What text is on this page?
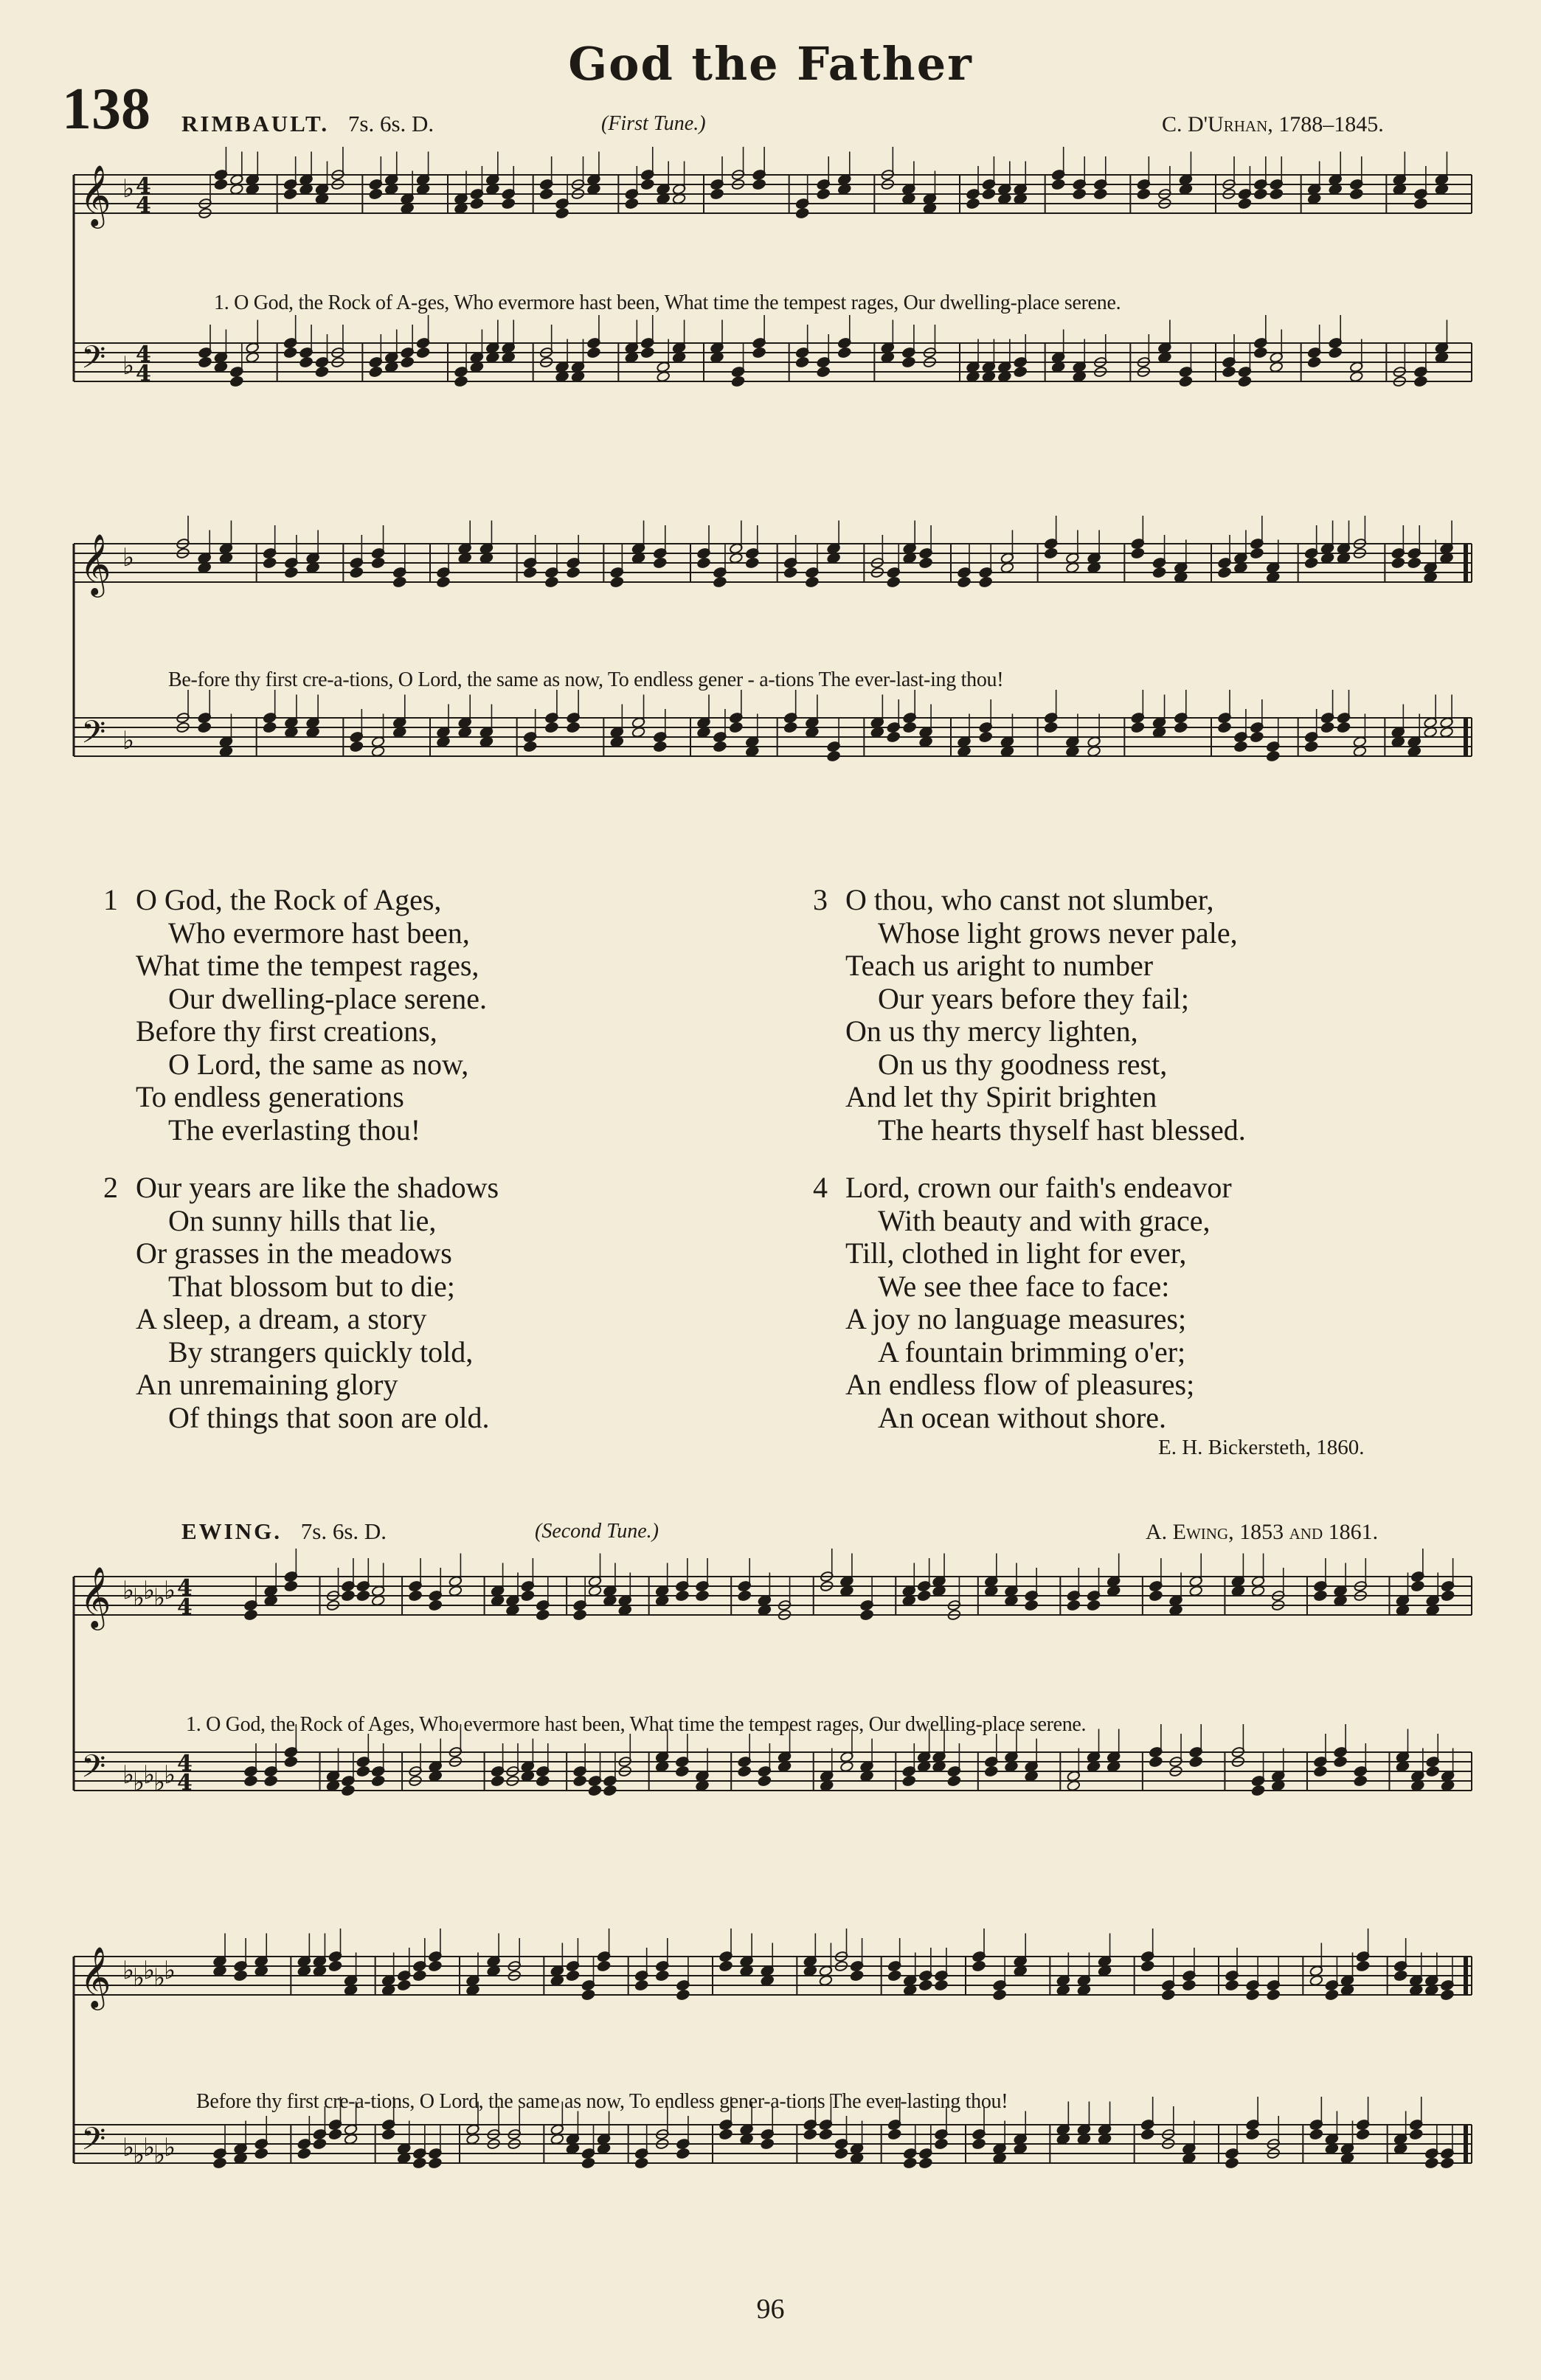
God the Father
138 RIMBAULT. 7s. 6s. D.	(First Tune.)	C. D'Urhan, 1788–1845.
𝄞
𝄢
♭
♭
4
4
4
4
1. O God, the Rock of A-ges, Who evermore hast been, What time the tempest rages, Our dwelling-place serene.
𝄞
𝄢
♭
♭
Be-fore thy first cre-a-tions, O Lord, the same as now, To endless gener - a-tions The ever-last-ing thou!
1 O God, the Rock of Ages,
Who evermore hast been,
What time the tempest rages,
Our dwelling-place serene.
Before thy first creations,
O Lord, the same as now,
To endless generations
The everlasting thou!
2 Our years are like the shadows
On sunny hills that lie,
Or grasses in the meadows
That blossom but to die;
A sleep, a dream, a story
By strangers quickly told,
An unremaining glory
Of things that soon are old.
3 O thou, who canst not slumber,
Whose light grows never pale,
Teach us aright to number
Our years before they fail;
On us thy mercy lighten,
On us thy goodness rest,
And let thy Spirit brighten
The hearts thyself hast blessed.
4 Lord, crown our faith's endeavor
With beauty and with grace,
Till, clothed in light for ever,
We see thee face to face:
A joy no language measures;
A fountain brimming o'er;
An endless flow of pleasures;
An ocean without shore.
E. H. Bickersteth, 1860.
EWING. 7s. 6s. D.	(Second Tune.)	A. Ewing, 1853 and 1861.
𝄞
𝄢
♭
♭
♭
♭
♭
♭
♭
♭
♭
♭
4
4
4
4
1. O God, the Rock of Ages, Who evermore hast been, What time the tempest rages, Our dwelling-place serene.
𝄞
𝄢
♭
♭
♭
♭
♭
♭
♭
♭
♭
♭
Before thy first cre-a-tions, O Lord, the same as now, To endless gener-a-tions The ever-lasting thou!
96
